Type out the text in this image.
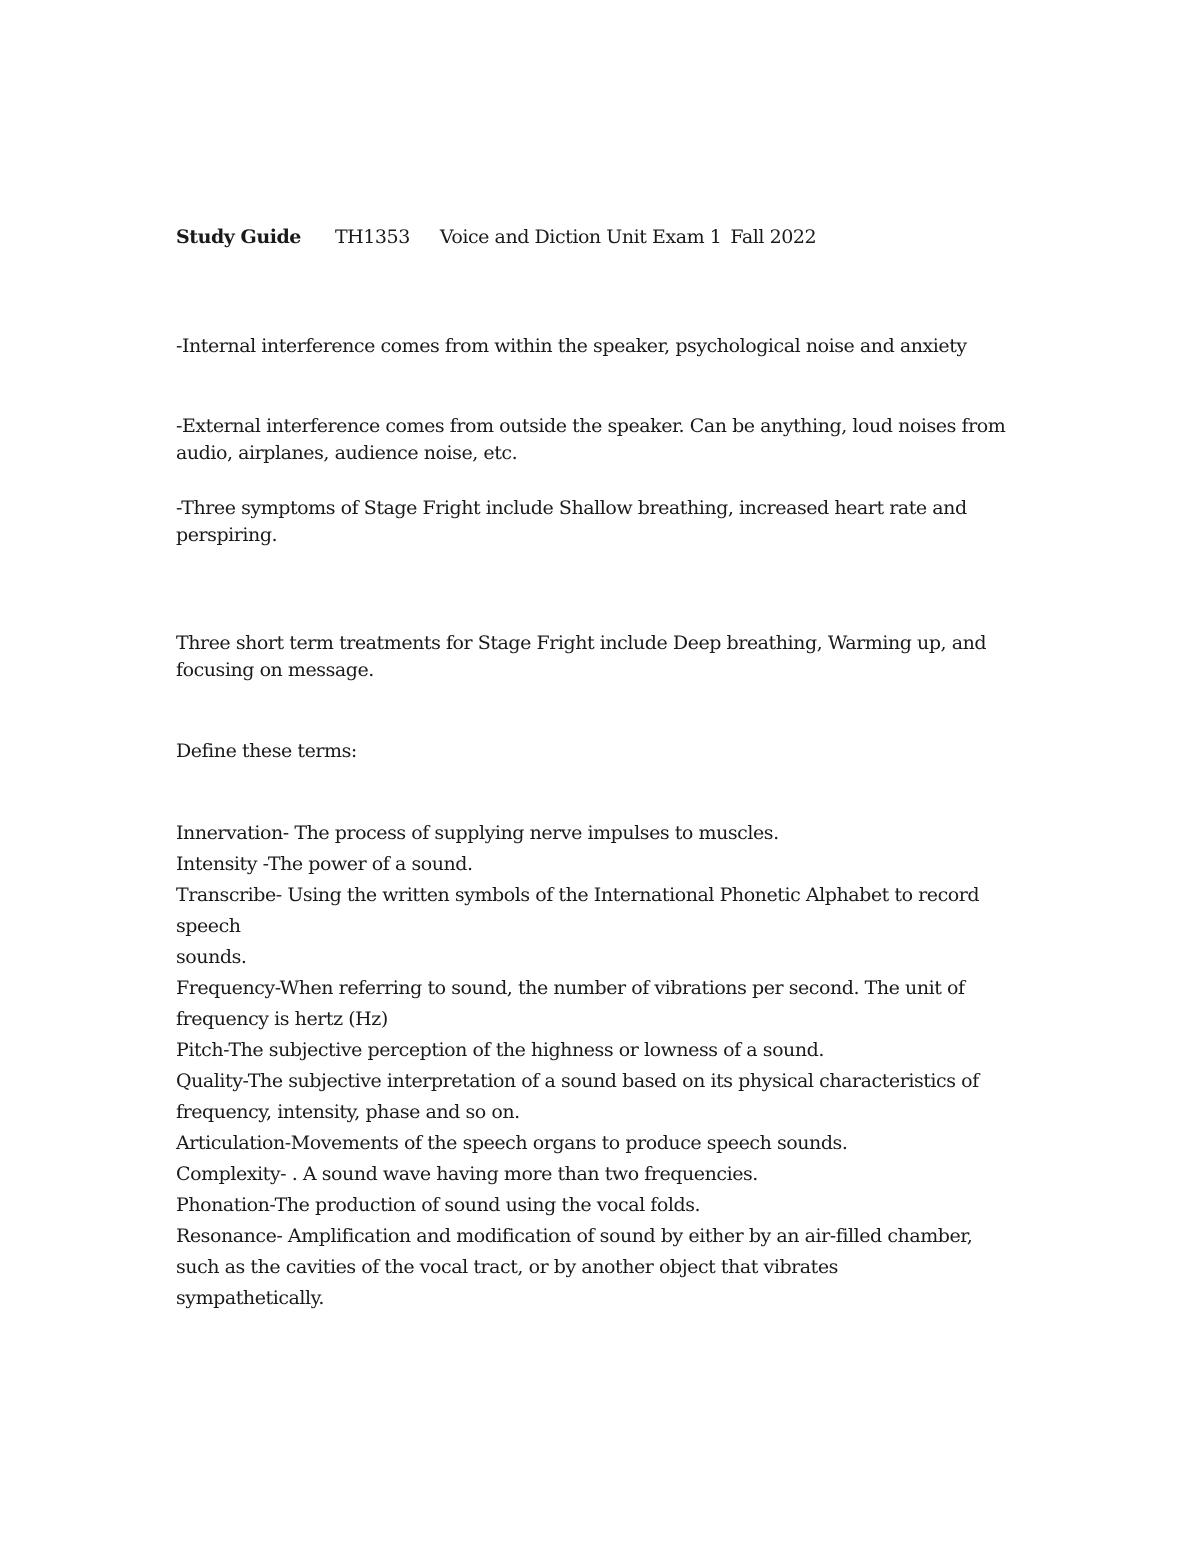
Study Guide TH1353 Voice and Diction Unit Exam 1 Fall 2022

-Internal interference comes from within the speaker, psychological noise and anxiety

-External interference comes from outside the speaker. Can be anything, loud noises from
audio, airplanes, audience noise, etc.

-Three symptoms of Stage Fright include Shallow breathing, increased heart rate and
perspiring.

Three short term treatments for Stage Fright include Deep breathing, Warming up, and
focusing on message.

Define these terms:

Innervation- The process of supplying nerve impulses to muscles.
Intensity -The power of a sound.
Transcribe- Using the written symbols of the International Phonetic Alphabet to record
speech
sounds.
Frequency-When referring to sound, the number of vibrations per second. The unit of
frequency is hertz (Hz)
Pitch-The subjective perception of the highness or lowness of a sound.
Quality-The subjective interpretation of a sound based on its physical characteristics of
frequency, intensity, phase and so on.
Articulation-Movements of the speech organs to produce speech sounds.
Complexity- . A sound wave having more than two frequencies.
Phonation-The production of sound using the vocal folds.
Resonance- Amplification and modification of sound by either by an air-filled chamber,
such as the cavities of the vocal tract, or by another object that vibrates
sympathetically.
